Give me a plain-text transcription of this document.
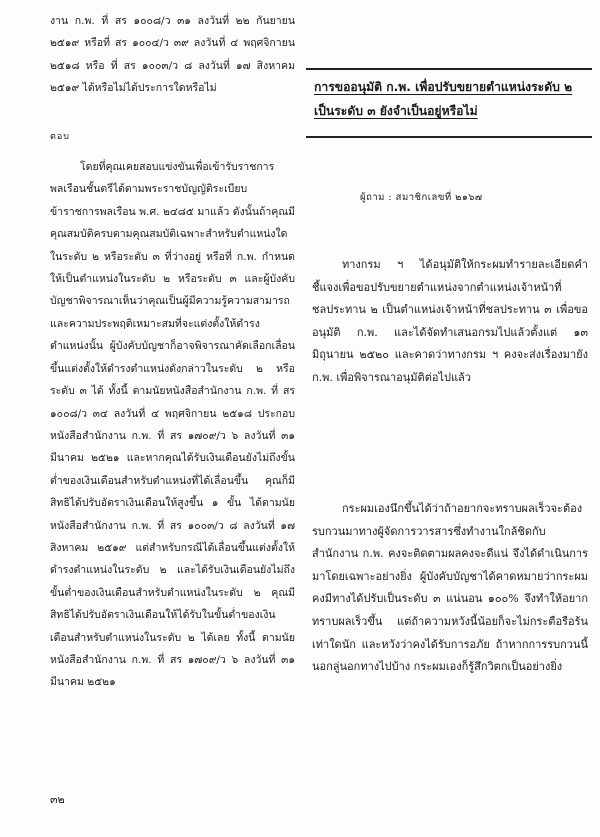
งาน ก.พ. ที่ สร ๑๐๐๘/ว ๓๑ ลงวันที่ ๒๒ กันยายน ๒๕๑๙ หรือที่ สร ๑๐๐๔/ว ๓๙ ลงวันที่ ๔ พฤศจิกายน ๒๕๑๘ หรือ ที่ สร ๑๐๐๓/ว ๘ ลงวันที่ ๑๗ สิงหาคม ๒๕๑๙ ได้หรือไม่ได้ประการใดหรือไม่

ตอบ

โดยที่คุณเคยสอบแข่งขันเพื่อเข้ารับราชการพลเรือนชั้นตรีได้ตามพระราชบัญญัติระเบียบข้าราชการพลเรือน พ.ศ. ๒๔๘๕ มาแล้ว ดังนั้นถ้าคุณมีคุณสมบัติครบตามคุณสมบัติเฉพาะสำหรับตำแหน่งใดในระดับ ๒ หรือระดับ ๓ ที่ว่างอยู่ หรือที่ ก.พ. กำหนดให้เป็นตำแหน่งในระดับ ๒ หรือระดับ ๓ และผู้บังคับบัญชาพิจารณาเห็นว่าคุณเป็นผู้มีความรู้ความสามารถ และความประพฤติเหมาะสมที่จะแต่งตั้งให้ดำรงตำแหน่งนั้น ผู้บังคับบัญชาก็อาจพิจารณาคัดเลือกเลื่อนขึ้นแต่งตั้งให้ดำรงตำแหน่งดังกล่าวในระดับ ๒ หรือระดับ ๓ ได้ ทั้งนี้ ตามนัยหนังสือสำนักงาน ก.พ. ที่ สร ๑๐๐๘/ว ๓๔ ลงวันที่ ๔ พฤศจิกายน ๒๕๑๘ ประกอบหนังสือสำนักงาน ก.พ. ที่ สร ๑๗๐๙/ว ๖ ลงวันที่ ๓๑ มีนาคม ๒๕๒๑ และหากคุณได้รับเงินเดือนยังไม่ถึงขั้นต่ำของเงินเดือนสำหรับตำแหน่งที่ได้เลื่อนขึ้น คุณก็มีสิทธิได้ปรับอัตราเงินเดือนให้สูงขึ้น ๑ ขั้น ได้ตามนัยหนังสือสำนักงาน ก.พ. ที่ สร ๑๐๐๓/ว ๘ ลงวันที่ ๑๗ สิงหาคม ๒๕๑๙ แต่สำหรับกรณีได้เลื่อนขึ้นแต่งตั้งให้ดำรงตำแหน่งในระดับ ๒ และได้รับเงินเดือนยังไม่ถึงขั้นต่ำของเงินเดือนสำหรับตำแหน่งในระดับ ๒ คุณมีสิทธิได้ปรับอัตราเงินเดือนให้ได้รับในขั้นต่ำของเงินเดือนสำหรับตำแหน่งในระดับ ๒ ได้เลย ทั้งนี้ ตามนัยหนังสือสำนักงาน ก.พ. ที่ สร ๑๗๐๙/ว ๖ ลงวันที่ ๓๑ มีนาคม ๒๕๒๑

การขออนุมัติ ก.พ. เพื่อปรับขยายตำแหน่งระดับ ๒ เป็นระดับ ๓ ยังจำเป็นอยู่หรือไม่
ผู้ถาม : สมาชิกเลขที่ ๒๑๖๗

ทางกรม ฯ ได้อนุมัติให้กระผมทำรายละเอียดคำชี้แจงเพื่อขอปรับขยายตำแหน่งจากตำแหน่งเจ้าหน้าที่ชลประทาน ๒ เป็นตำแหน่งเจ้าหน้าที่ชลประทาน ๓ เพื่อขออนุมัติ ก.พ. และได้จัดทำเสนอกรมไปแล้วตั้งแต่ ๑๓ มิถุนายน ๒๕๒๐ และคาดว่าทางกรม ฯ คงจะส่งเรื่องมายัง ก.พ. เพื่อพิจารณาอนุมัติต่อไปแล้ว

กระผมเองนึกขึ้นได้ว่าถ้าอยากจะทราบผลเร็วจะต้องรบกวนมาทางผู้จัดการวารสารซึ่งทำงานใกล้ชิดกับสำนักงาน ก.พ. คงจะติดตามผลคงจะดีแน่ จึงได้ดำเนินการมาโดยเฉพาะอย่างยิ่ง ผู้บังคับบัญชาได้คาดหมายว่ากระผมคงมีทางได้ปรับเป็นระดับ ๓ แน่นอน ๑๐๐% จึงทำให้อยากทราบผลเร็วขึ้น แต่ถ้าความหวังนี้น้อยก็จะไม่กระตือรือร้นเท่าใดนัก และหวังว่าคงได้รับการอภัย ถ้าหากการรบกวนนี้นอกลู่นอกทางไปบ้าง กระผมเองก็รู้สึกวิตกเป็นอย่างยิ่ง

๓๒
